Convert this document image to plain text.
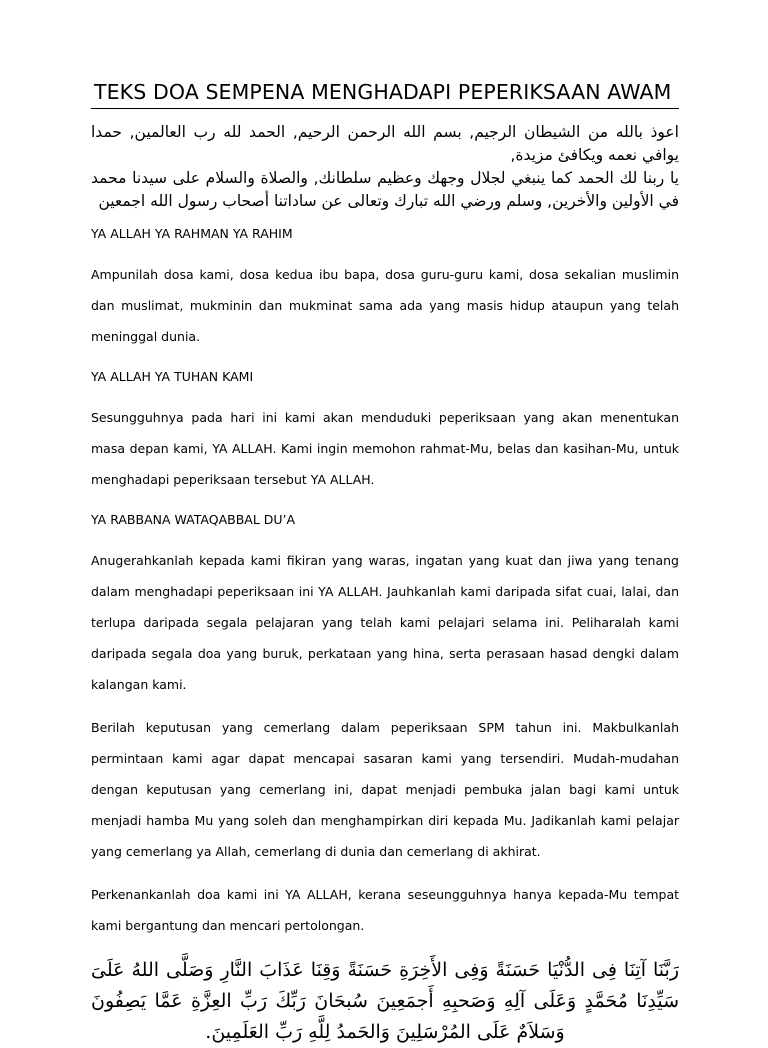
TEKS DOA SEMPENA MENGHADAPI PEPERIKSAAN AWAM

اعوذ بالله من الشيطان الرجيم, بسم الله الرحمن الرحيم, الحمد لله رب العالمين, حمدا يوافي نعمه ويكافئ مزيدة,

يا ربنا لك الحمد كما ينبغي لجلال وجهك وعظيم سلطانك, والصلاة والسلام على سيدنا محمد في الأولين والأخرين, وسلم ورضي الله تبارك وتعالى عن ساداتنا أصحاب رسول الله اجمعين

YA ALLAH YA RAHMAN YA RAHIM

Ampunilah dosa kami, dosa kedua ibu bapa, dosa guru-guru kami, dosa sekalian muslimin dan muslimat, mukminin dan mukminat sama ada yang masis hidup ataupun yang telah meninggal dunia.

YA ALLAH YA TUHAN KAMI

Sesungguhnya pada hari ini kami akan menduduki peperiksaan yang akan menentukan masa depan kami, YA ALLAH. Kami ingin memohon rahmat-Mu, belas dan kasihan-Mu, untuk menghadapi peperiksaan tersebut YA ALLAH.

YA RABBANA WATAQABBAL DU’A

Anugerahkanlah kepada kami fikiran yang waras, ingatan yang kuat dan jiwa yang tenang dalam menghadapi peperiksaan ini YA ALLAH. Jauhkanlah kami daripada sifat cuai, lalai, dan terlupa daripada segala pelajaran yang telah kami pelajari selama ini. Peliharalah kami daripada segala doa yang buruk, perkataan yang hina, serta perasaan hasad dengki dalam kalangan kami.

Berilah keputusan yang cemerlang dalam peperiksaan SPM tahun ini. Makbulkanlah permintaan kami agar dapat mencapai sasaran kami yang tersendiri. Mudah-mudahan dengan keputusan yang cemerlang ini, dapat menjadi pembuka jalan bagi kami untuk menjadi hamba Mu yang soleh dan menghampirkan diri kepada Mu. Jadikanlah kami pelajar yang cemerlang ya Allah, cemerlang di dunia dan cemerlang di akhirat.

Perkenankanlah doa kami ini YA ALLAH, kerana seseungguhnya hanya kepada-Mu tempat kami bergantung dan mencari pertolongan.

رَبَّنَا آتِنَا فِى الدُّنْيَا حَسَنَةً وَفِى الأَخِرَةِ حَسَنَةً وَقِنَا عَذَابَ النَّارِ وَصَلَّى اللهُ عَلَىَ سَيِّدِنَا مُحَمَّدٍ وَعَلَى آلِهِ وَصَحبِهِ أَجمَعِينَ سُبحَانَ رَبِّكَ رَبِّ العِزَّةِ عَمَّا يَصِفُونَ وَسَلاَمٌ عَلَى المُرْسَلِينَ وَالحَمدُ لِلَّهِ رَبِّ العَلَمِينَ.
